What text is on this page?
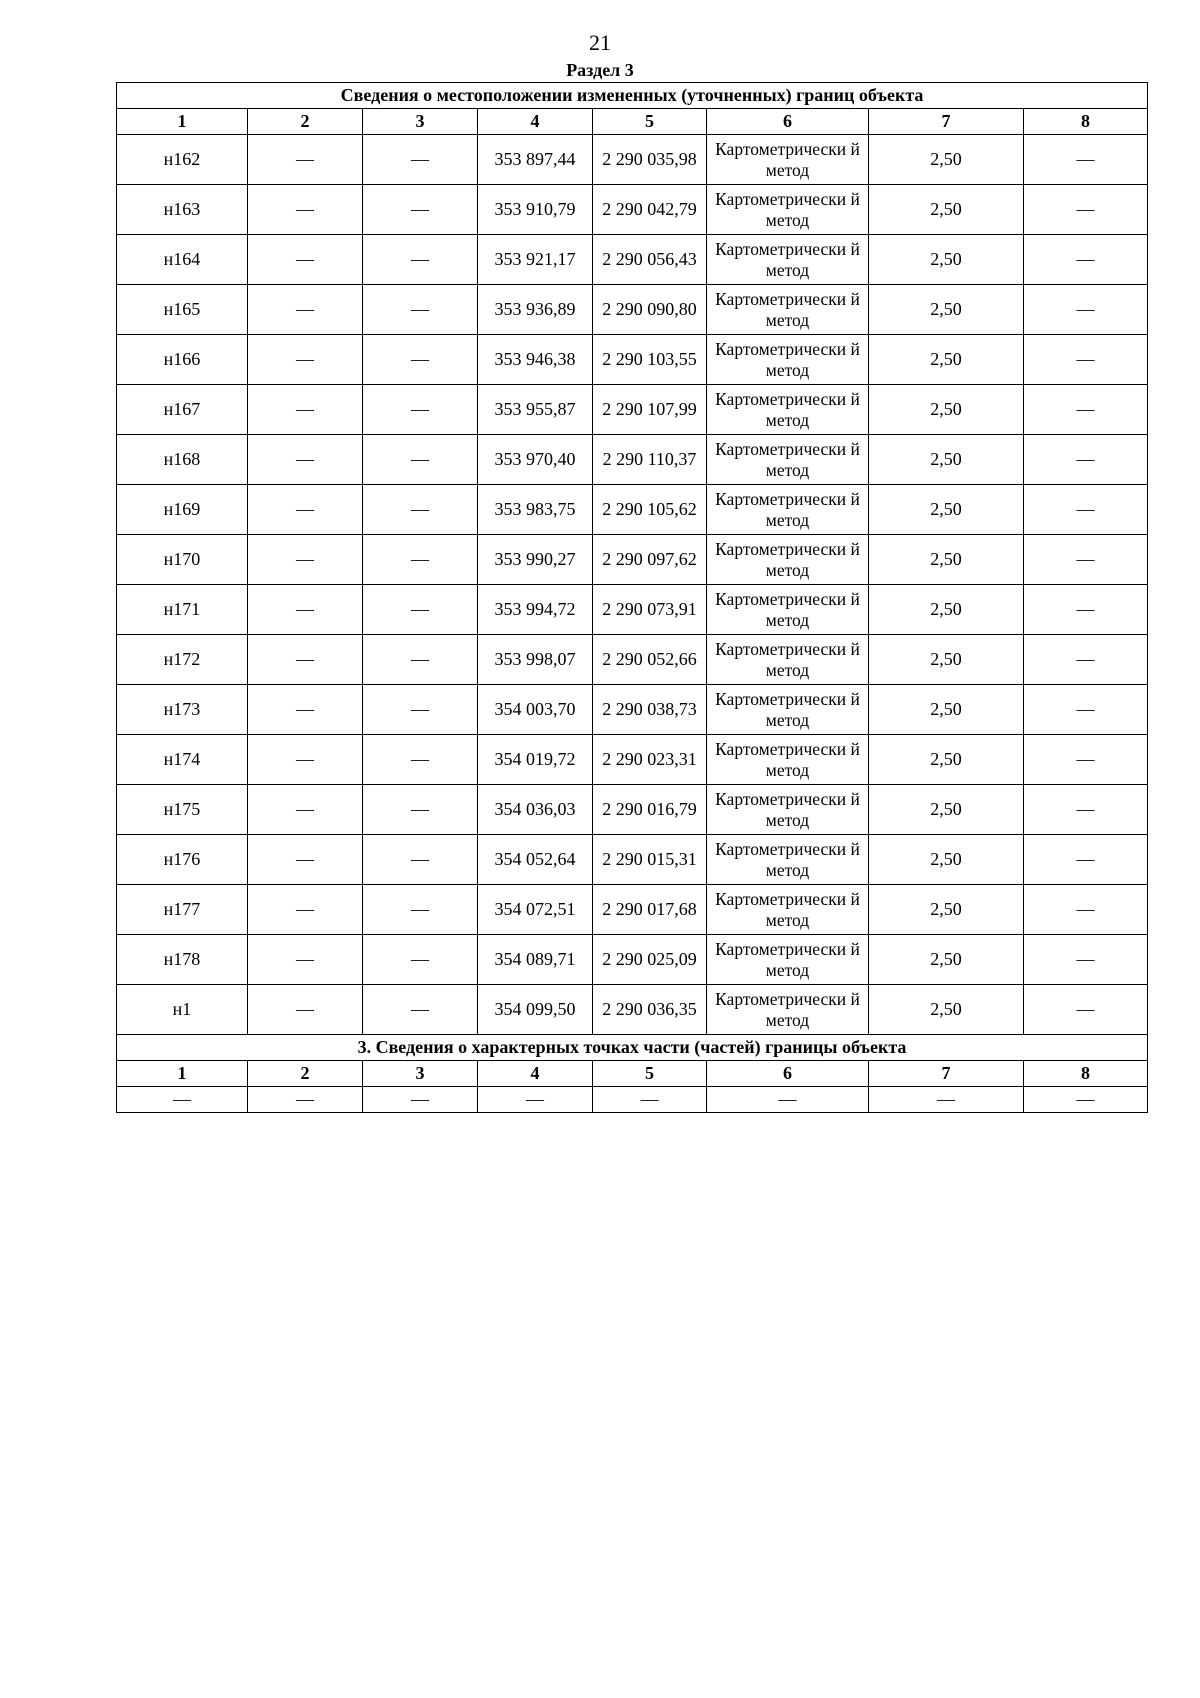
21
Раздел 3
Сведения о местоположении измененных (уточненных) границ объекта							
1	2	3	4	5	6	7	8
н162	—	—	353 897,44	2 290 035,98	Картометрически й метод	2,50	—
н163	—	—	353 910,79	2 290 042,79	Картометрически й метод	2,50	—
н164	—	—	353 921,17	2 290 056,43	Картометрически й метод	2,50	—
н165	—	—	353 936,89	2 290 090,80	Картометрически й метод	2,50	—
н166	—	—	353 946,38	2 290 103,55	Картометрически й метод	2,50	—
н167	—	—	353 955,87	2 290 107,99	Картометрически й метод	2,50	—
н168	—	—	353 970,40	2 290 110,37	Картометрически й метод	2,50	—
н169	—	—	353 983,75	2 290 105,62	Картометрически й метод	2,50	—
н170	—	—	353 990,27	2 290 097,62	Картометрически й метод	2,50	—
н171	—	—	353 994,72	2 290 073,91	Картометрически й метод	2,50	—
н172	—	—	353 998,07	2 290 052,66	Картометрически й метод	2,50	—
н173	—	—	354 003,70	2 290 038,73	Картометрически й метод	2,50	—
н174	—	—	354 019,72	2 290 023,31	Картометрически й метод	2,50	—
н175	—	—	354 036,03	2 290 016,79	Картометрически й метод	2,50	—
н176	—	—	354 052,64	2 290 015,31	Картометрически й метод	2,50	—
н177	—	—	354 072,51	2 290 017,68	Картометрически й метод	2,50	—
н178	—	—	354 089,71	2 290 025,09	Картометрически й метод	2,50	—
н1	—	—	354 099,50	2 290 036,35	Картометрически й метод	2,50	—
3. Сведения о характерных точках части (частей) границы объекта							
1	2	3	4	5	6	7	8
—	—	—	—	—	—	—	—
